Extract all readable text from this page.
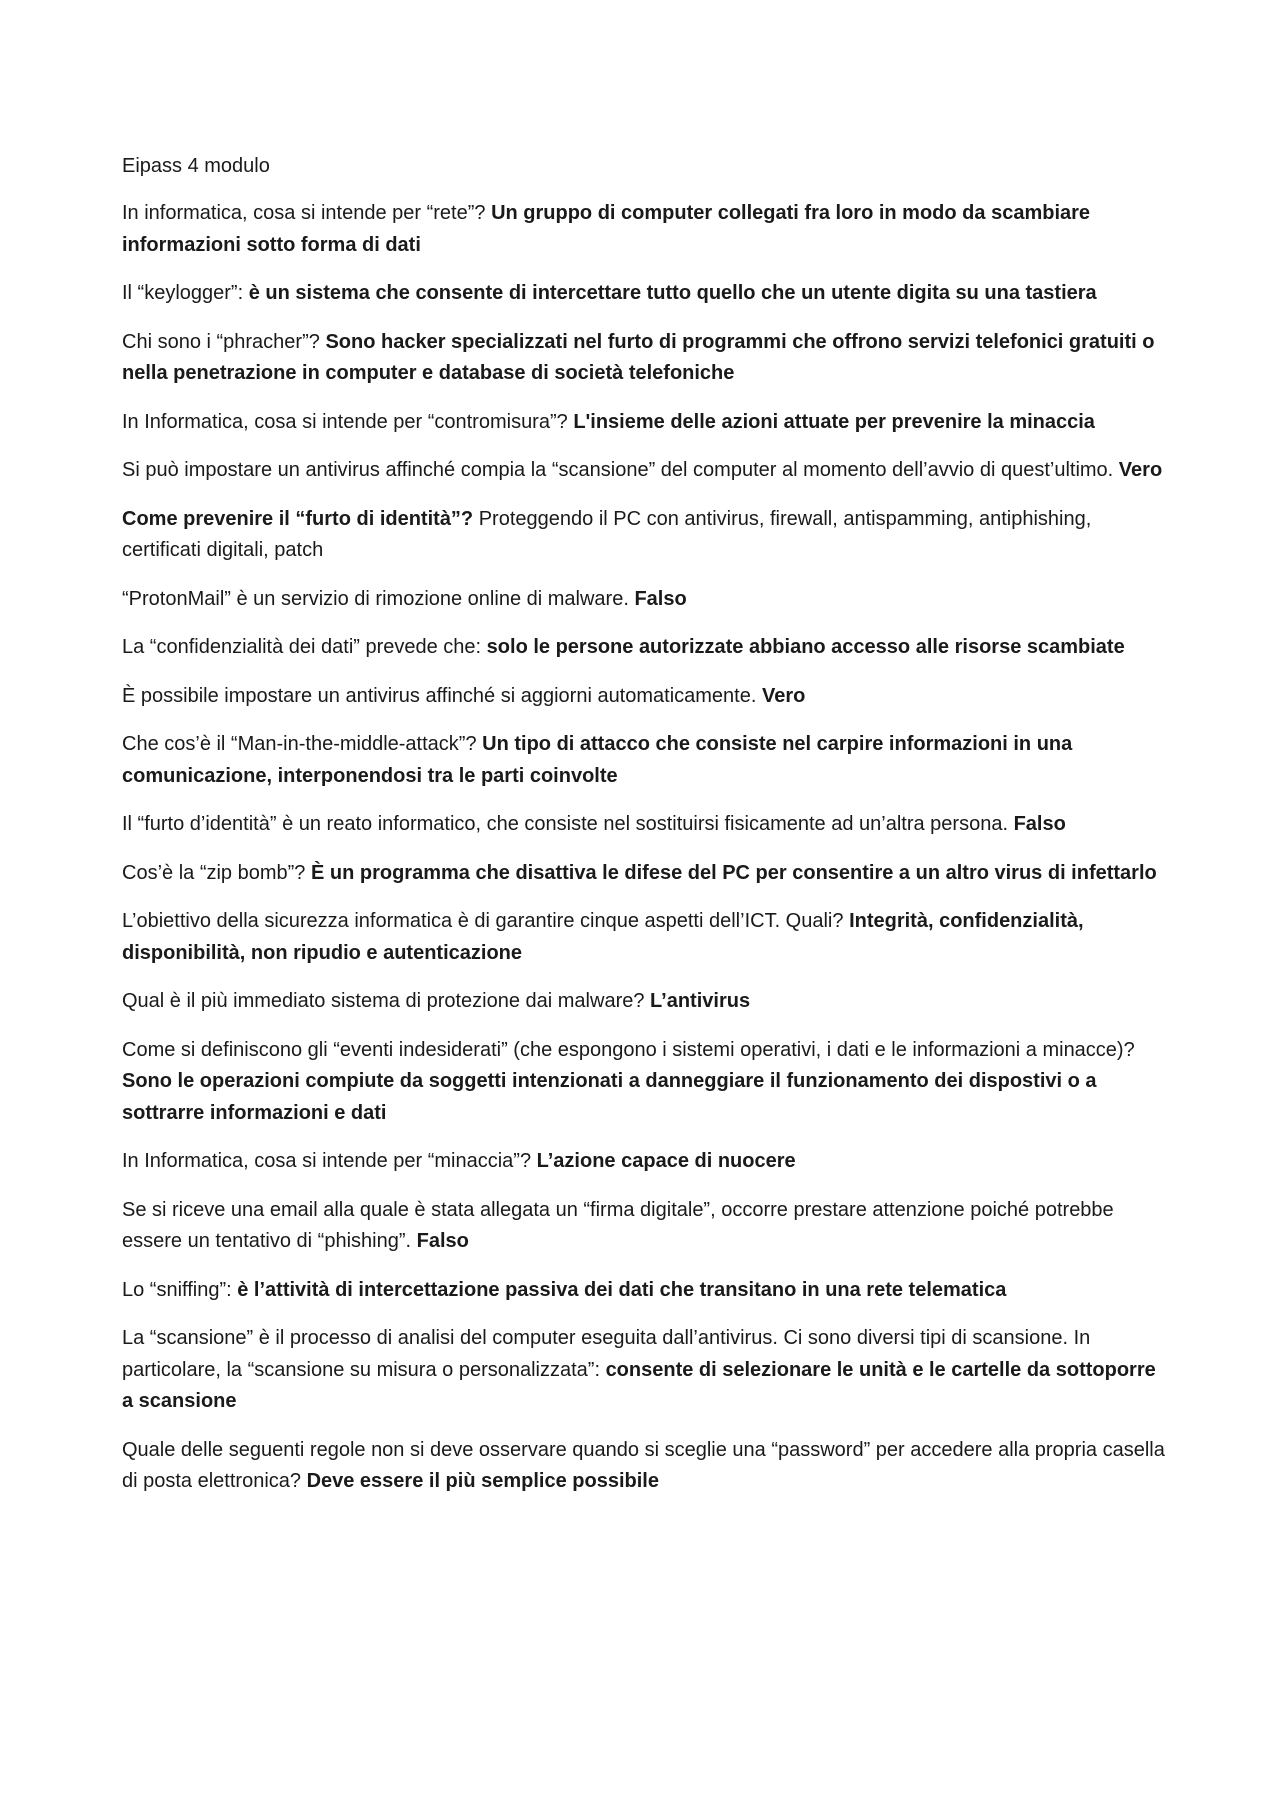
Eipass 4 modulo

In informatica, cosa si intende per “rete”? Un gruppo di computer collegati fra loro in modo da scambiare informazioni sotto forma di dati

Il “keylogger”: è un sistema che consente di intercettare tutto quello che un utente digita su una tastiera

Chi sono i “phracher”? Sono hacker specializzati nel furto di programmi che offrono servizi telefonici gratuiti o nella penetrazione in computer e database di società telefoniche

In Informatica, cosa si intende per “contromisura”? L'insieme delle azioni attuate per prevenire la minaccia

Si può impostare un antivirus affinché compia la “scansione” del computer al momento dell’avvio di quest’ultimo. Vero

Come prevenire il “furto di identità”? Proteggendo il PC con antivirus, firewall, antispamming, antiphishing, certificati digitali, patch

“ProtonMail” è un servizio di rimozione online di malware. Falso

La “confidenzialità dei dati” prevede che: solo le persone autorizzate abbiano accesso alle risorse scambiate

È possibile impostare un antivirus affinché si aggiorni automaticamente. Vero

Che cos’è il “Man-in-the-middle-attack”? Un tipo di attacco che consiste nel carpire informazioni in una comunicazione, interponendosi tra le parti coinvolte

Il “furto d’identità” è un reato informatico, che consiste nel sostituirsi fisicamente ad un’altra persona. Falso

Cos’è la “zip bomb”? È un programma che disattiva le difese del PC per consentire a un altro virus di infettarlo

L’obiettivo della sicurezza informatica è di garantire cinque aspetti dell’ICT. Quali? Integrità, confidenzialità, disponibilità, non ripudio e autenticazione

Qual è il più immediato sistema di protezione dai malware? L’antivirus

Come si definiscono gli “eventi indesiderati” (che espongono i sistemi operativi, i dati e le informazioni a minacce)? Sono le operazioni compiute da soggetti intenzionati a danneggiare il funzionamento dei dispostivi o a sottrarre informazioni e dati

In Informatica, cosa si intende per “minaccia”? L’azione capace di nuocere

Se si riceve una email alla quale è stata allegata un “firma digitale”, occorre prestare attenzione poiché potrebbe essere un tentativo di “phishing”. Falso

Lo “sniffing”: è l’attività di intercettazione passiva dei dati che transitano in una rete telematica

La “scansione” è il processo di analisi del computer eseguita dall’antivirus. Ci sono diversi tipi di scansione. In particolare, la “scansione su misura o personalizzata”: consente di selezionare le unità e le cartelle da sottoporre a scansione

Quale delle seguenti regole non si deve osservare quando si sceglie una “password” per accedere alla propria casella di posta elettronica? Deve essere il più semplice possibile
